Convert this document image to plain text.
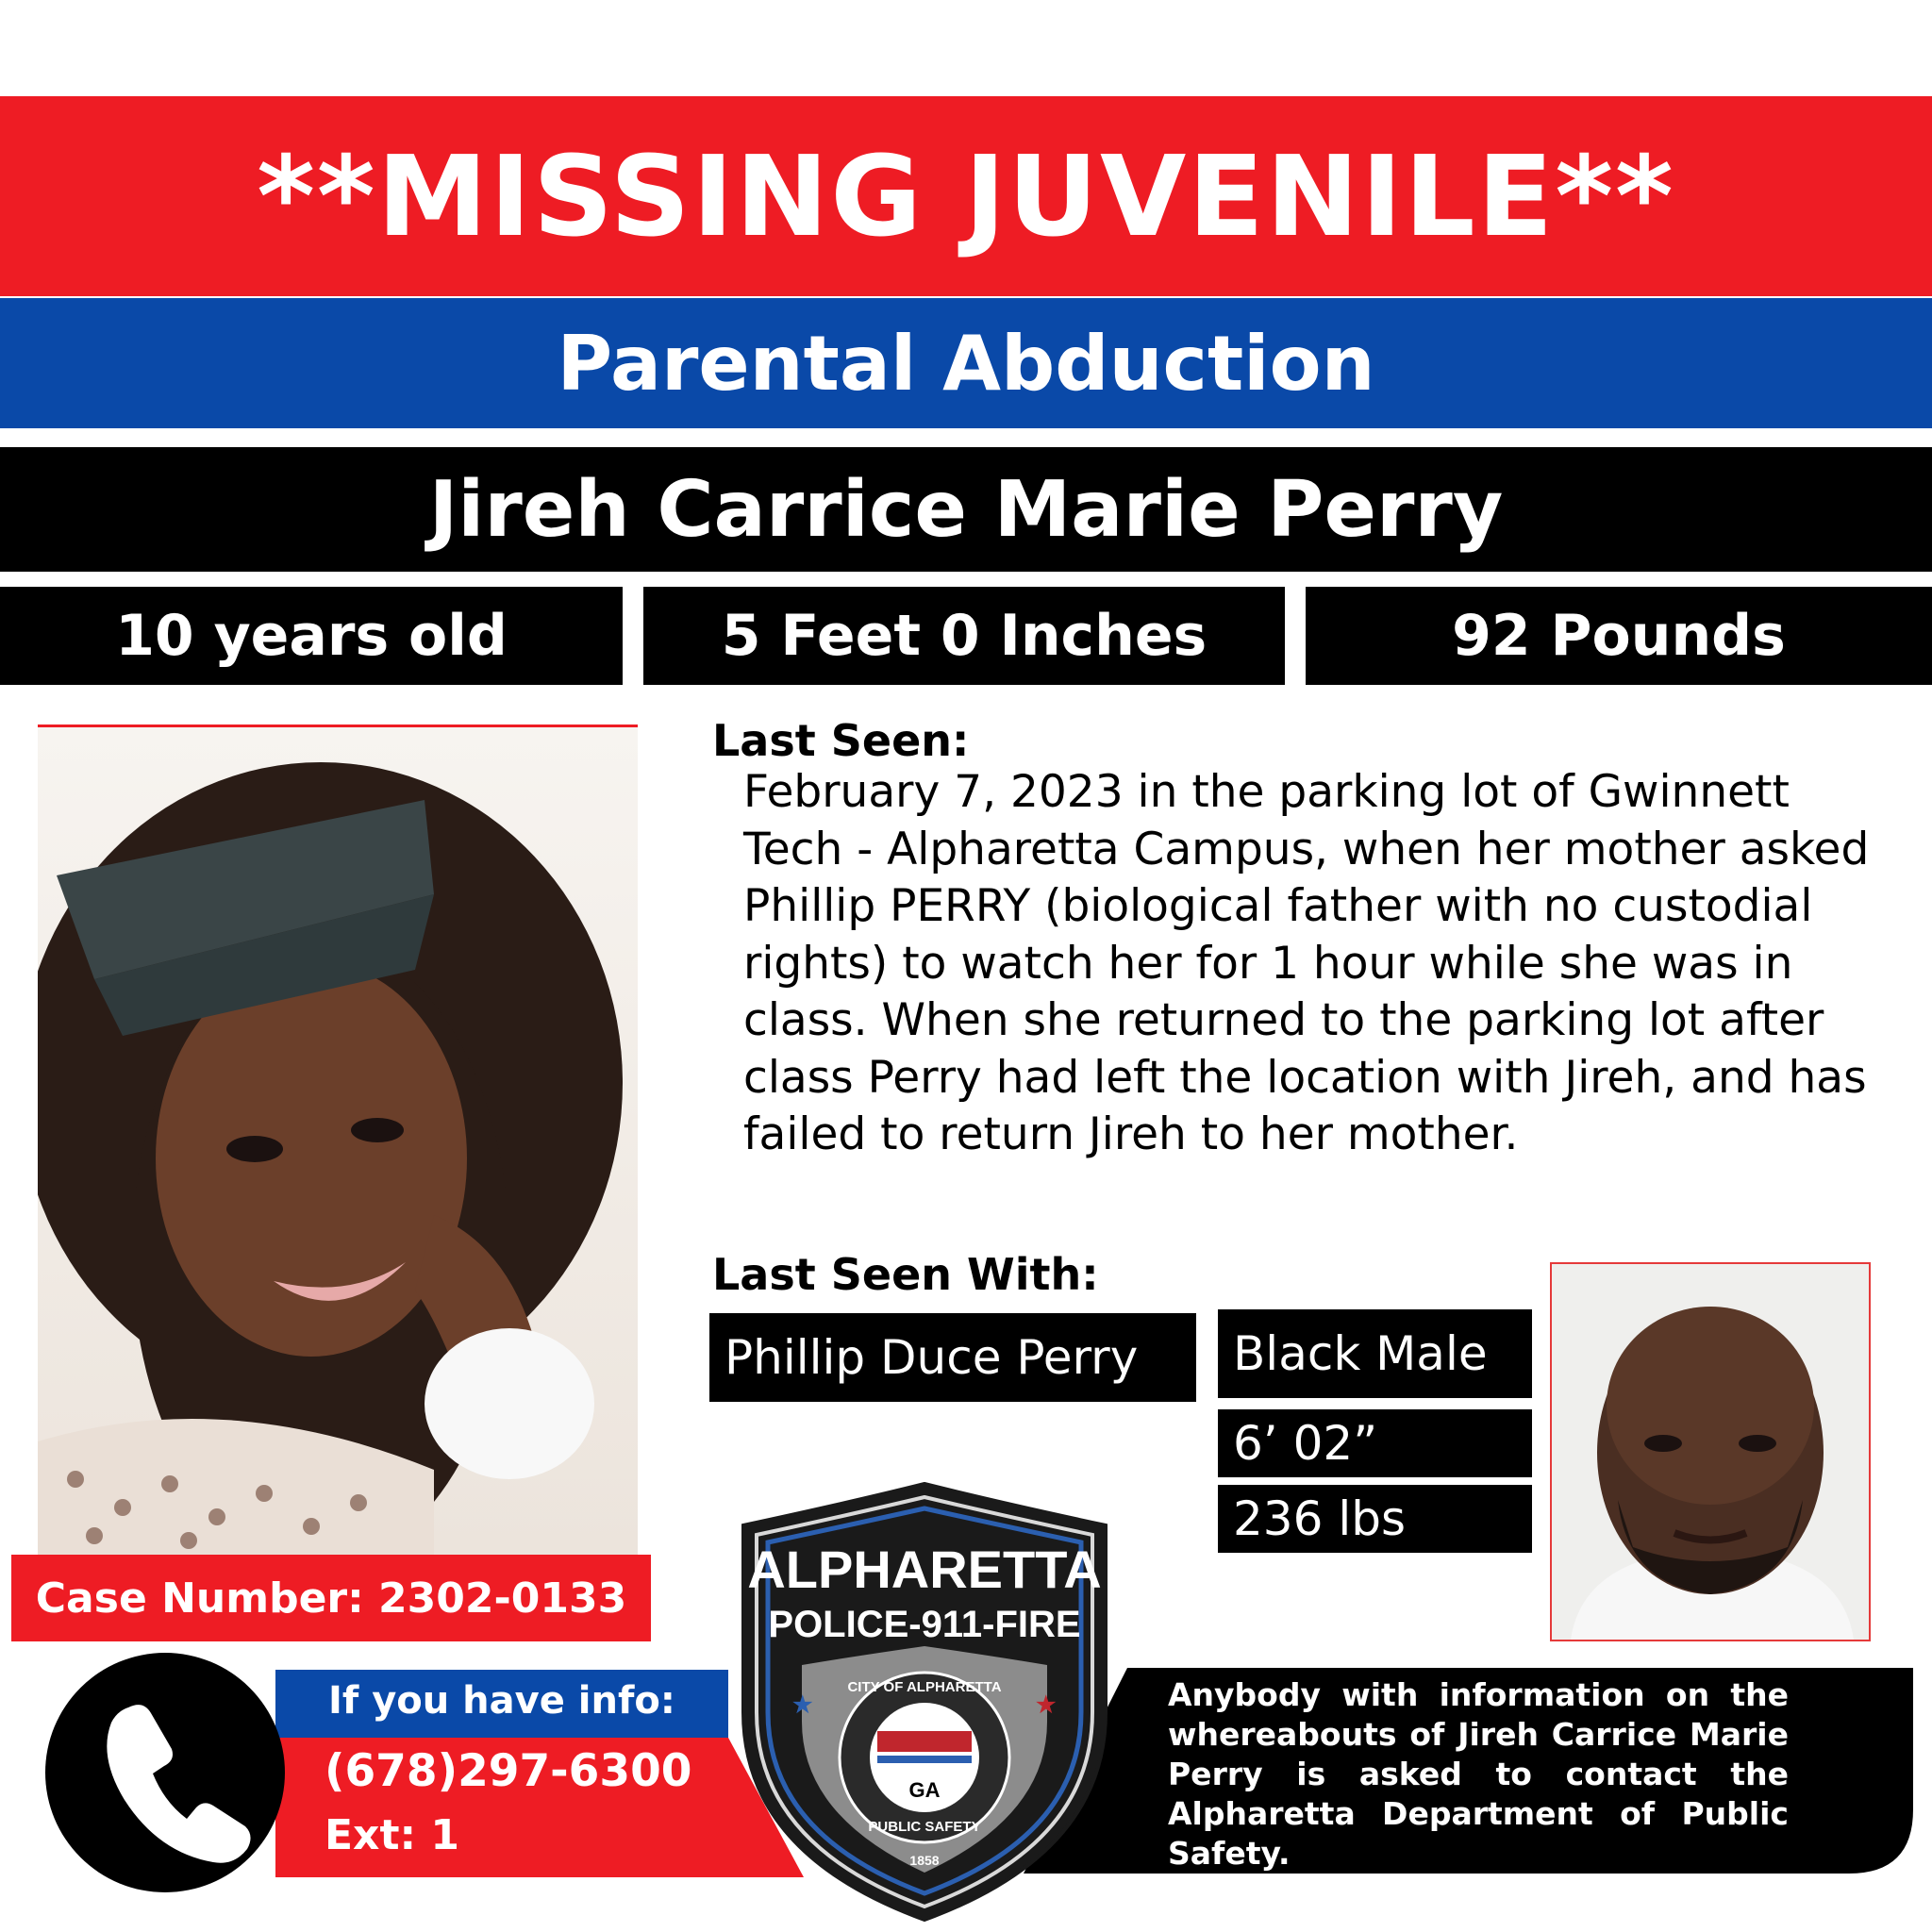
**MISSING JUVENILE**
Parental Abduction
Jireh Carrice Marie Perry
10 years old	5 Feet 0 Inches	92 Pounds
Case Number: 2302-0133
Last Seen:
February 7, 2023 in the parking lot of Gwinnett Tech - Alpharetta Campus, when her mother asked Phillip PERRY (biological father with no custodial rights) to watch her for 1 hour while she was in class. When she returned to the parking lot after class Perry had left the location with Jireh, and has failed to return Jireh to her mother.
Last Seen With:
Phillip Duce Perry Black Male
6’ 02”
236 lbs
Anybody with information on the whereabouts of Jireh Carrice Marie Perry is asked to contact the Alpharetta Department of Public Safety.
If you have info:
(678)297-6300
Ext: 1
ALPHARETTA
POLICE-911-FIRE
★	★
GA
CITY OF ALPHARETTA
PUBLIC SAFETY
1858
